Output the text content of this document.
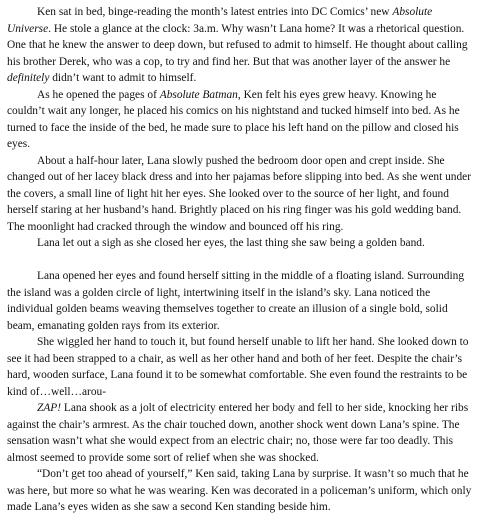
Ken sat in bed, binge-reading the month’s latest entries into DC Comics’ new Absolute Universe. He stole a glance at the clock: 3a.m. Why wasn’t Lana home? It was a rhetorical question. One that he knew the answer to deep down, but refused to admit to himself. He thought about calling his brother Derek, who was a cop, to try and find her. But that was another layer of the answer he definitely didn’t want to admit to himself.

As he opened the pages of Absolute Batman, Ken felt his eyes grew heavy. Knowing he couldn’t wait any longer, he placed his comics on his nightstand and tucked himself into bed. As he turned to face the inside of the bed, he made sure to place his left hand on the pillow and closed his eyes.

About a half-hour later, Lana slowly pushed the bedroom door open and crept inside. She changed out of her lacey black dress and into her pajamas before slipping into bed. As she went under the covers, a small line of light hit her eyes. She looked over to the source of her light, and found herself staring at her husband’s hand. Brightly placed on his ring finger was his gold wedding band. The moonlight had cracked through the window and bounced off his ring.

Lana let out a sigh as she closed her eyes, the last thing she saw being a golden band.

Lana opened her eyes and found herself sitting in the middle of a floating island. Surrounding the island was a golden circle of light, intertwining itself in the island’s sky. Lana noticed the individual golden beams weaving themselves together to create an illusion of a single bold, solid beam, emanating golden rays from its exterior.

She wiggled her hand to touch it, but found herself unable to lift her hand. She looked down to see it had been strapped to a chair, as well as her other hand and both of her feet. Despite the chair’s hard, wooden surface, Lana found it to be somewhat comfortable. She even found the restraints to be kind of…well…arou-

ZAP! Lana shook as a jolt of electricity entered her body and fell to her side, knocking her ribs against the chair’s armrest. As the chair touched down, another shock went down Lana’s spine. The sensation wasn’t what she would expect from an electric chair; no, those were far too deadly. This almost seemed to provide some sort of relief when she was shocked.

“Don’t get too ahead of yourself,” Ken said, taking Lana by surprise. It wasn’t so much that he was here, but more so what he was wearing. Ken was decorated in a policeman’s uniform, which only made Lana’s eyes widen as she saw a second Ken standing beside him.
